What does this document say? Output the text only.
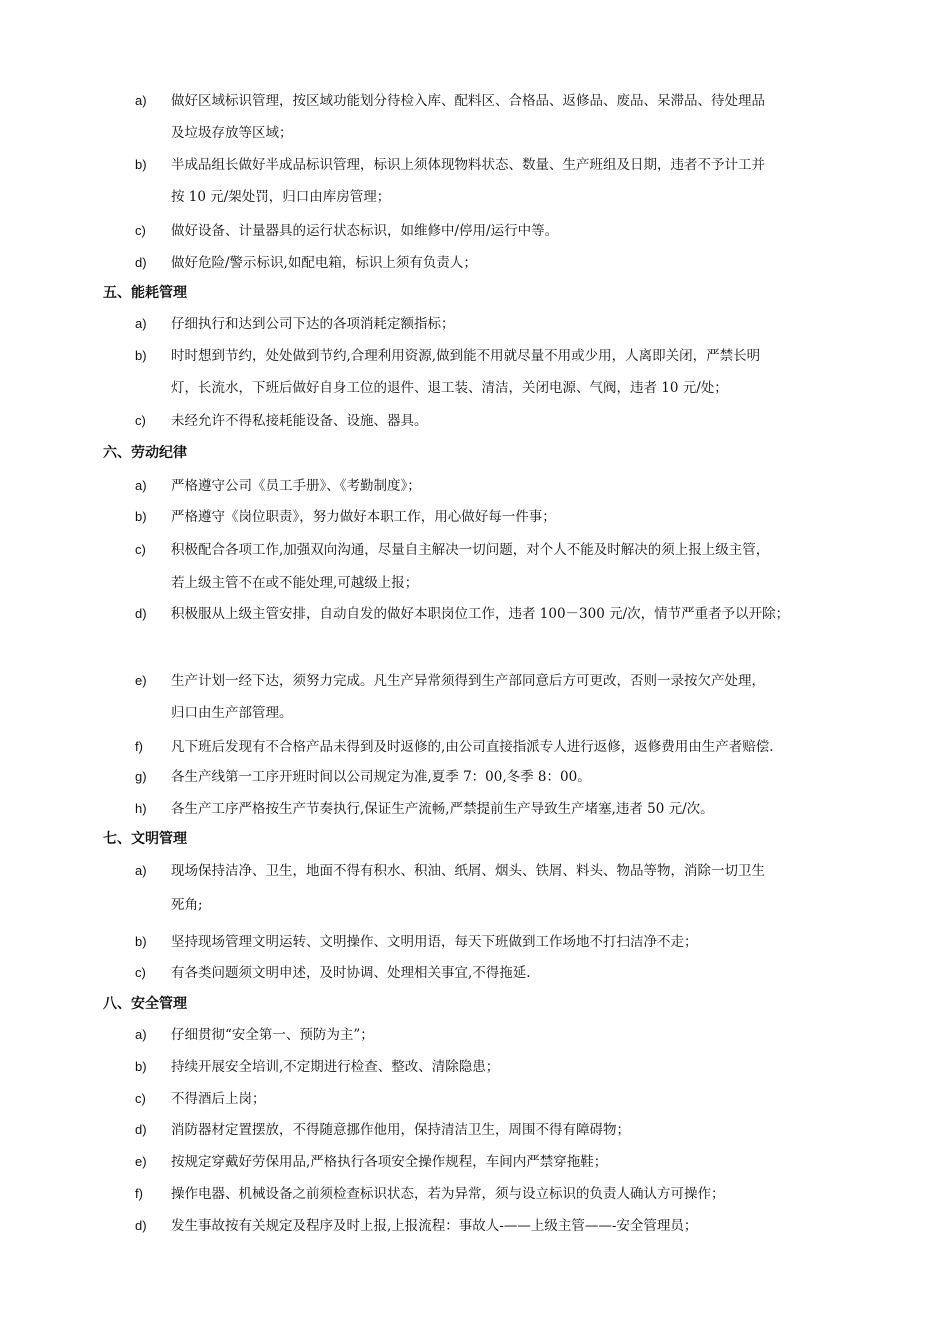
a) 做好区域标识管理，按区域功能划分待检入库、配料区、合格品、返修品、废品、呆滞品、待处理品
及垃圾存放等区域；
b) 半成品组长做好半成品标识管理，标识上须体现物料状态、数量、生产班组及日期，违者不予计工并
按 10 元/架处罚，归口由库房管理；
c) 做好设备、计量器具的运行状态标识，如维修中/停用/运行中等。
d) 做好危险/警示标识,如配电箱，标识上须有负责人；
五、能耗管理
a) 仔细执行和达到公司下达的各项消耗定额指标；
b) 时时想到节约，处处做到节约,合理利用资源,做到能不用就尽量不用或少用，人离即关闭，严禁长明
灯，长流水，下班后做好自身工位的退件、退工装、清洁，关闭电源、气阀，违者 10 元/处；
c) 未经允许不得私接耗能设备、设施、器具。
六、劳动纪律
a) 严格遵守公司《员工手册》、《考勤制度》；
b) 严格遵守《岗位职责》，努力做好本职工作，用心做好每一件事；
c) 积极配合各项工作,加强双向沟通，尽量自主解决一切问题，对个人不能及时解决的须上报上级主管，
若上级主管不在或不能处理,可越级上报；
d) 积极服从上级主管安排，自动自发的做好本职岗位工作，违者 100－300 元/次，情节严重者予以开除；
e) 生产计划一经下达，须努力完成。凡生产异常须得到生产部同意后方可更改，否则一录按欠产处理，
归口由生产部管理。
f) 凡下班后发现有不合格产品未得到及时返修的,由公司直接指派专人进行返修，返修费用由生产者赔偿.
g) 各生产线第一工序开班时间以公司规定为准,夏季 7：00,冬季 8：00。
h) 各生产工序严格按生产节奏执行,保证生产流畅,严禁提前生产导致生产堵塞,违者 50 元/次。
七、文明管理
a) 现场保持洁净、卫生，地面不得有积水、积油、纸屑、烟头、铁屑、料头、物品等物，消除一切卫生
死角;
b) 坚持现场管理文明运转、文明操作、文明用语，每天下班做到工作场地不打扫洁净不走；
c) 有各类问题须文明申述，及时协调、处理相关事宜,不得拖延.
八、安全管理
a) 仔细贯彻“安全第一、预防为主”；
b) 持续开展安全培训,不定期进行检查、整改、清除隐患；
c) 不得酒后上岗；
d) 消防器材定置摆放，不得随意挪作他用，保持清洁卫生，周围不得有障碍物；
e) 按规定穿戴好劳保用品,严格执行各项安全操作规程，车间内严禁穿拖鞋；
f) 操作电器、机械设备之前须检查标识状态，若为异常，须与设立标识的负责人确认方可操作；
d) 发生事故按有关规定及程序及时上报,上报流程：事故人-——上级主管——-安全管理员；
